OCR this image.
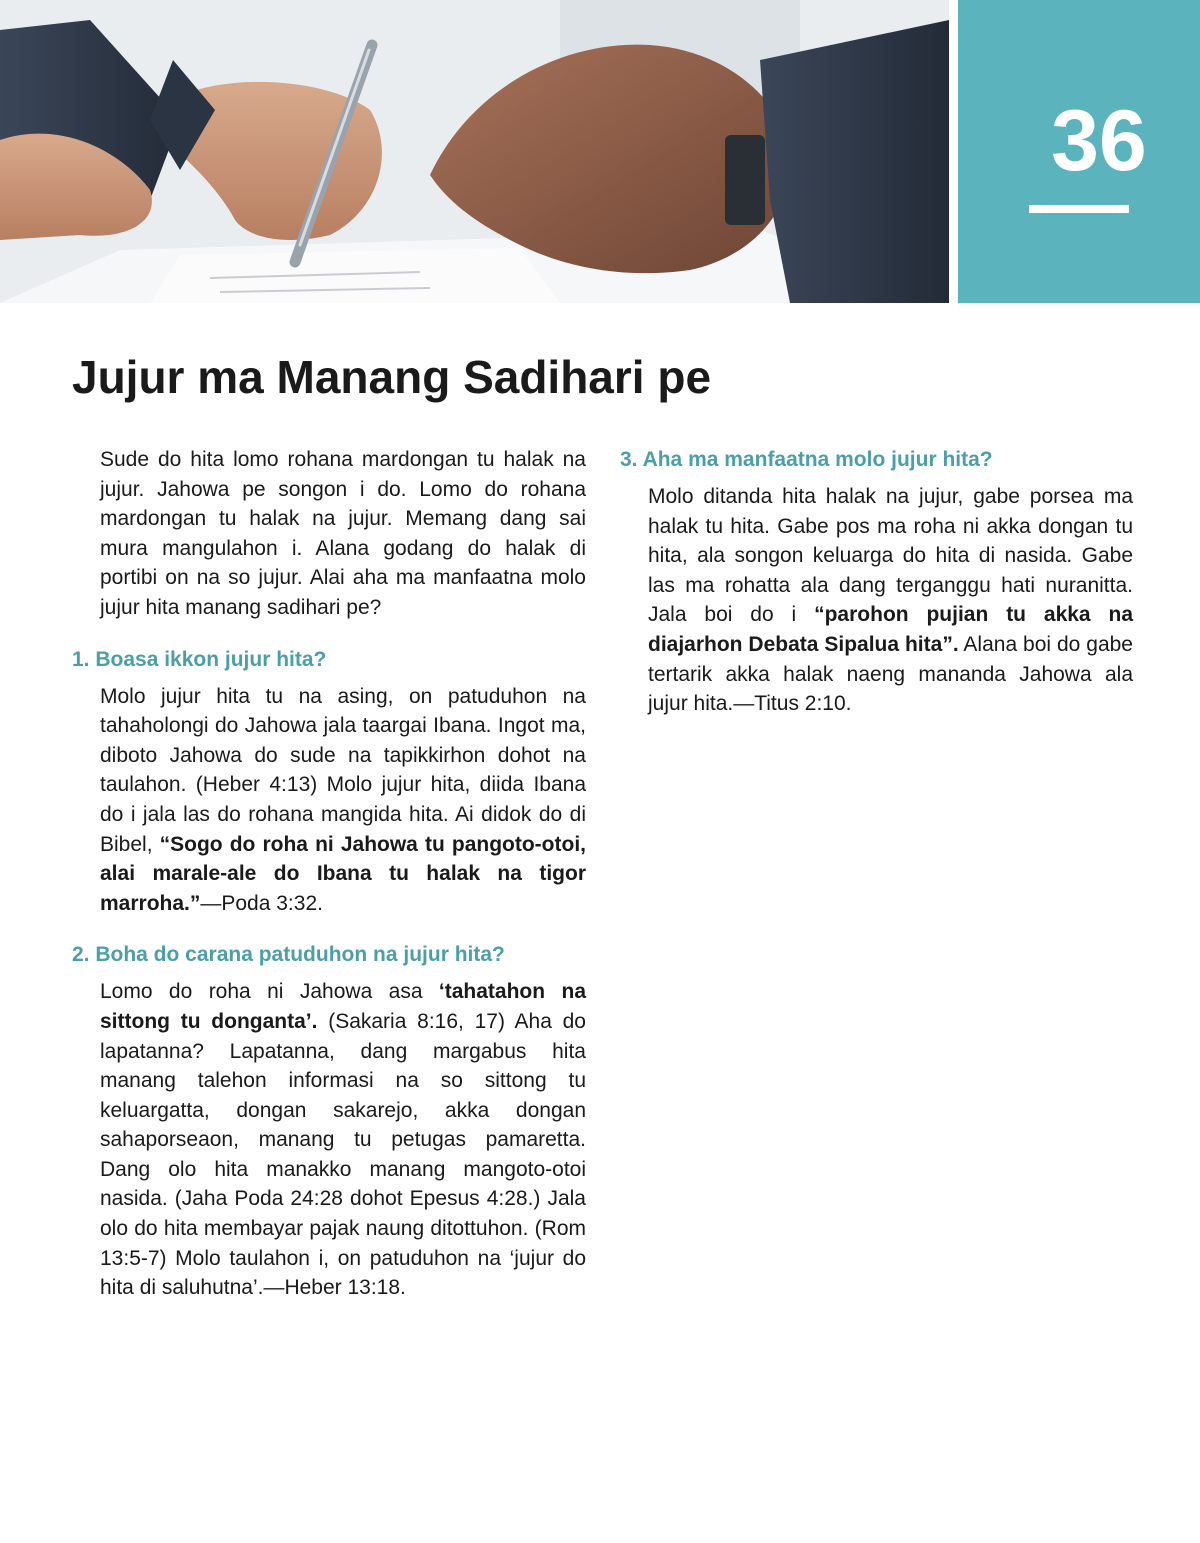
36
Jujur ma Manang Sadihari pe

Sude do hita lomo rohana mardongan tu halak na jujur. Jahowa pe songon i do. Lomo do rohana mardongan tu halak na jujur. Memang dang sai mura mangulahon i. Alana godang do halak di portibi on na so jujur. Alai aha ma manfaatna molo jujur hita manang sadihari pe?

1. Boasa ikkon jujur hita?

Molo jujur hita tu na asing, on patuduhon na tahaholongi do Jahowa jala taargai Ibana. Ingot ma, diboto Jahowa do sude na tapikkirhon dohot na taulahon. (Heber 4:13) Molo jujur hita, diida Ibana do i jala las do rohana mangida hita. Ai didok do di Bibel, “Sogo do roha ni Jahowa tu pangoto-otoi, alai marale-ale do Ibana tu halak na tigor marroha.”—Poda 3:32.

2. Boha do carana patuduhon na jujur hita?

Lomo do roha ni Jahowa asa ‘tahatahon na sittong tu donganta’. (Sakaria 8:16, 17) Aha do lapatanna? Lapatanna, dang margabus hita manang talehon informasi na so sittong tu keluargatta, dongan sakarejo, akka dongan sahaporseaon, manang tu petugas pamaretta. Dang olo hita manakko manang mangoto-otoi nasida. (Jaha Poda 24:28 dohot Epesus 4:28.) Jala olo do hita membayar pajak naung ditottuhon. (Rom 13:5-7) Molo taulahon i, on patuduhon na ‘jujur do hita di saluhutna’.—Heber 13:18.

3. Aha ma manfaatna molo jujur hita?

Molo ditanda hita halak na jujur, gabe porsea ma halak tu hita. Gabe pos ma roha ni akka dongan tu hita, ala songon keluarga do hita di nasida. Gabe las ma rohatta ala dang terganggu hati nuranitta. Jala boi do i “parohon pujian tu akka na diajarhon Debata Sipalua hita”. Alana boi do gabe tertarik akka halak naeng mananda Jahowa ala jujur hita.—Titus 2:10.
